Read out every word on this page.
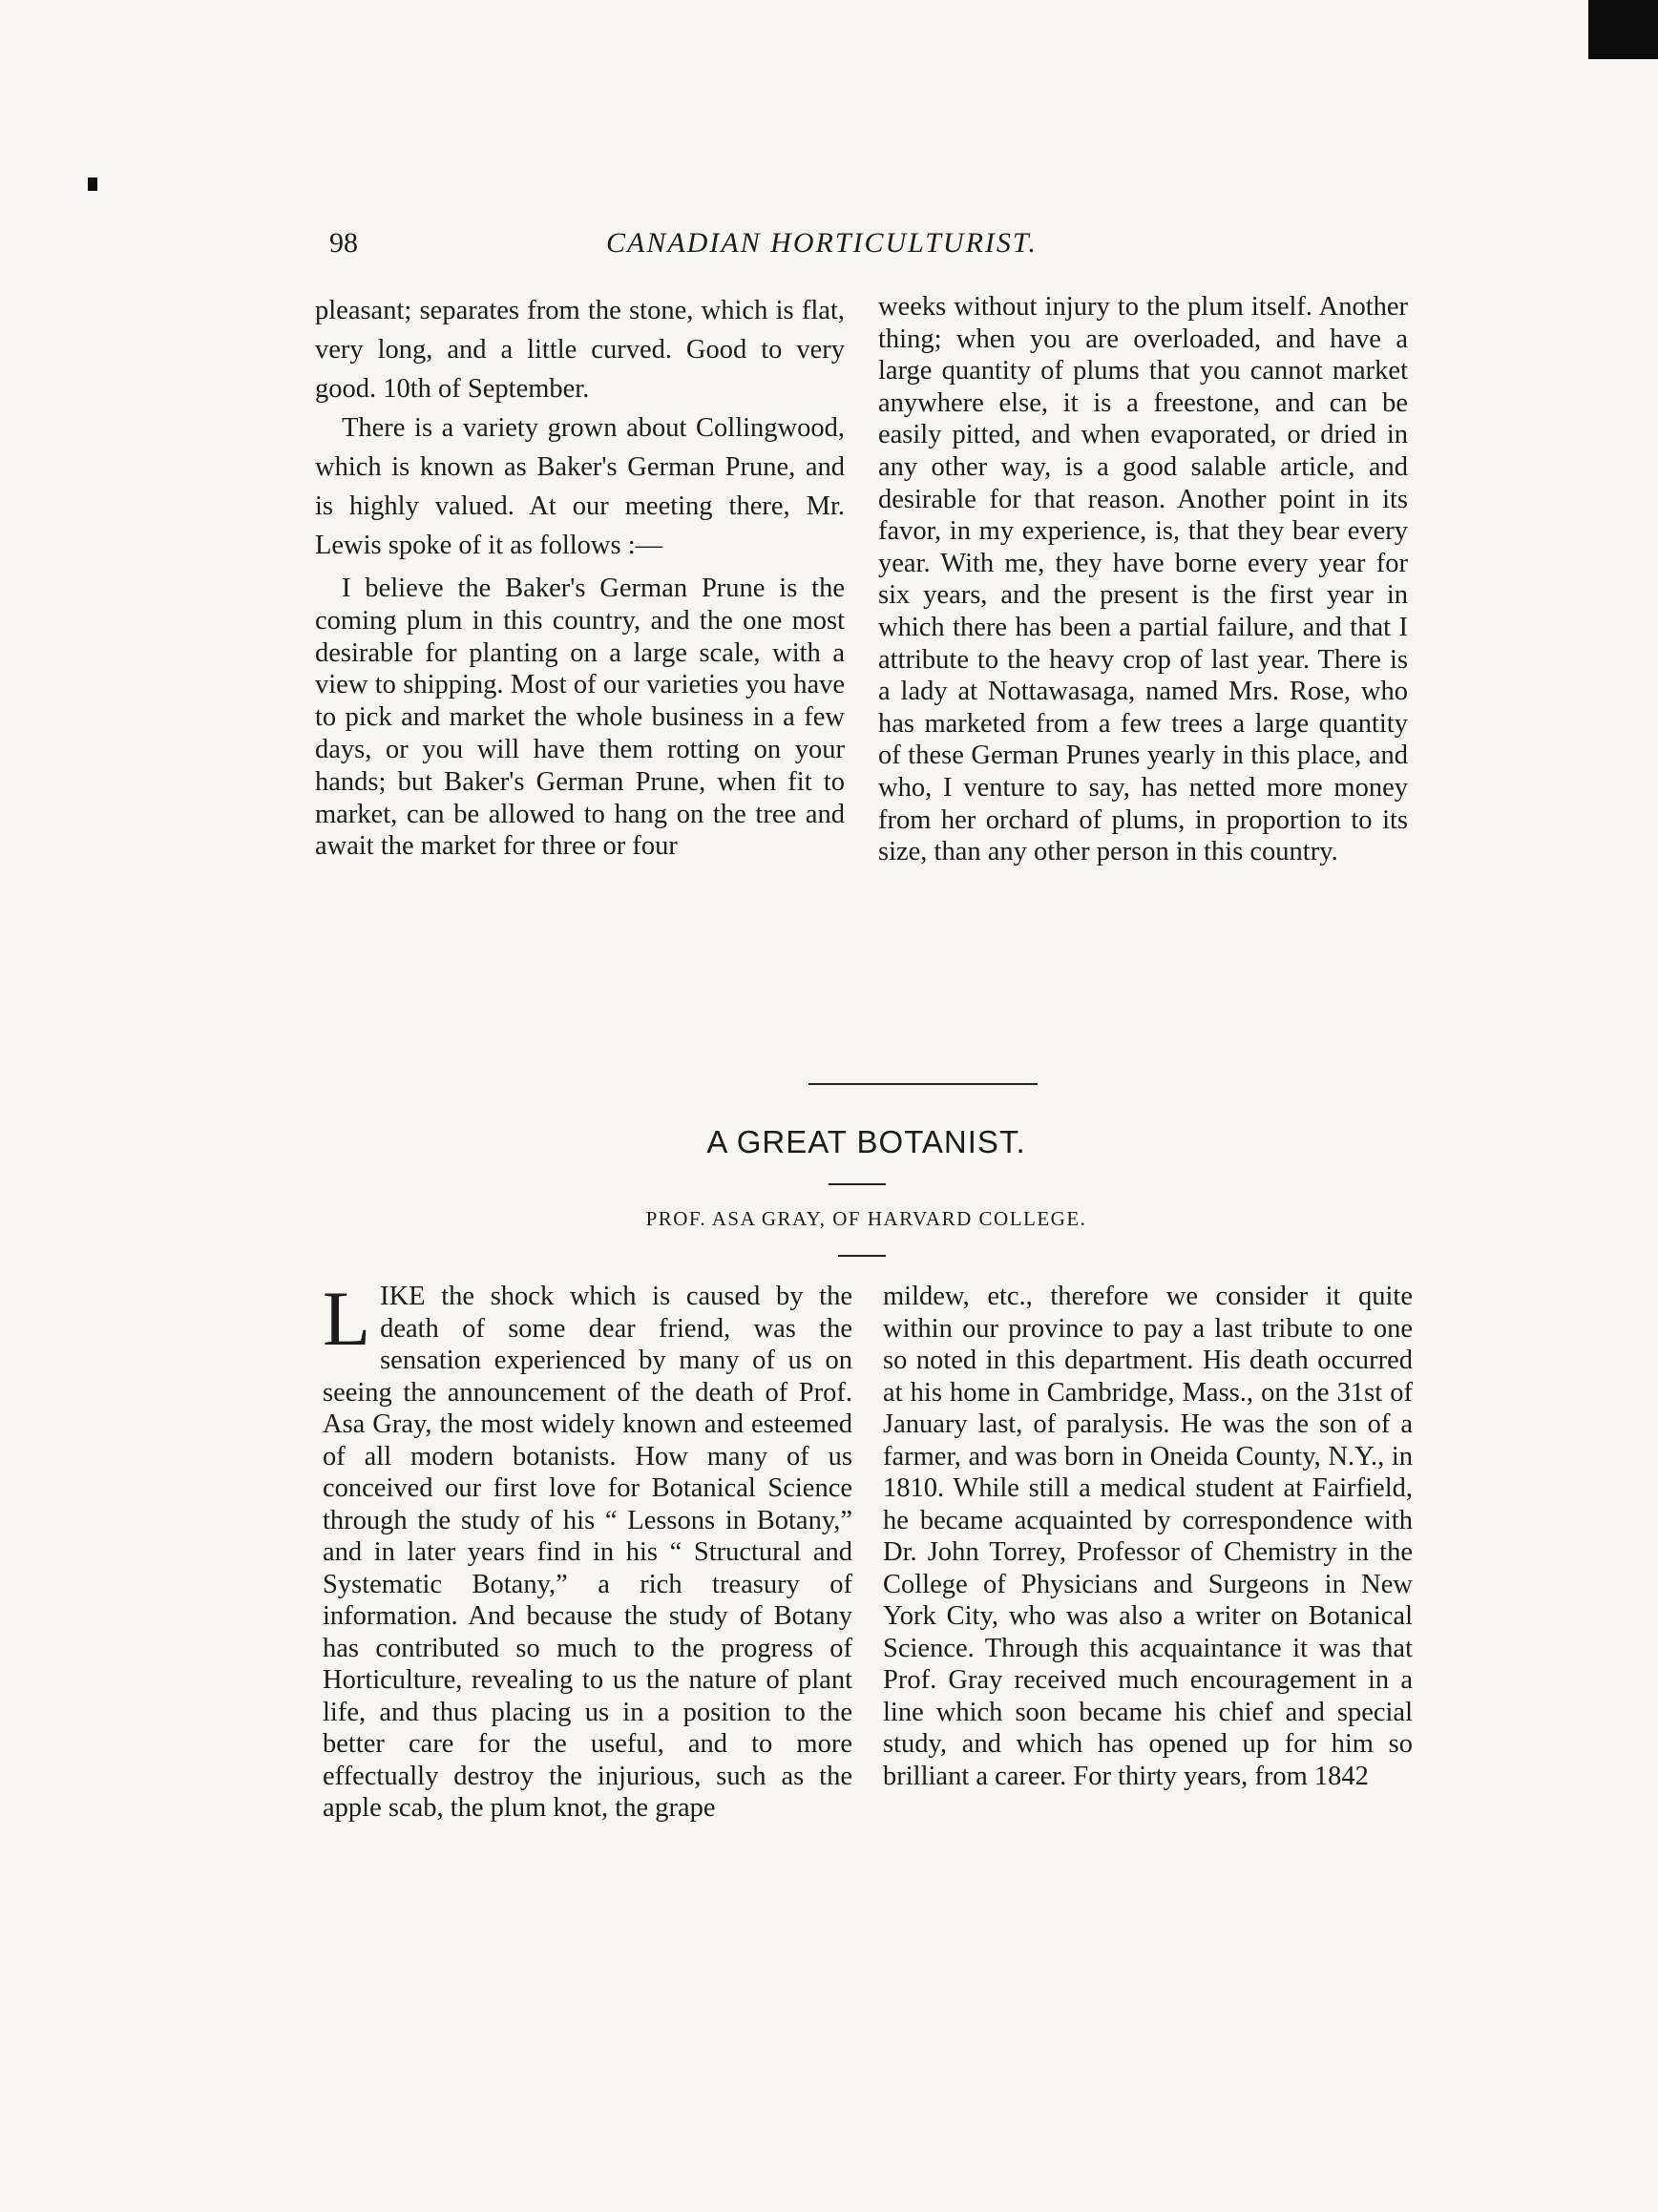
98	CANADIAN HORTICULTURIST.

pleasant; separates from the stone, which is flat, very long, and a little curved. Good to very good. 10th of September.

There is a variety grown about Collingwood, which is known as Baker's German Prune, and is highly valued. At our meeting there, Mr. Lewis spoke of it as follows :—

I believe the Baker's German Prune is the coming plum in this country, and the one most desirable for planting on a large scale, with a view to shipping. Most of our varieties you have to pick and market the whole business in a few days, or you will have them rotting on your hands; but Baker's German Prune, when fit to market, can be allowed to hang on the tree and await the market for three or four

weeks without injury to the plum itself. Another thing; when you are overloaded, and have a large quantity of plums that you cannot market anywhere else, it is a freestone, and can be easily pitted, and when evaporated, or dried in any other way, is a good salable article, and desirable for that reason. Another point in its favor, in my experience, is, that they bear every year. With me, they have borne every year for six years, and the present is the first year in which there has been a partial failure, and that I attribute to the heavy crop of last year. There is a lady at Nottawasaga, named Mrs. Rose, who has marketed from a few trees a large quantity of these German Prunes yearly in this place, and who, I venture to say, has netted more money from her orchard of plums, in proportion to its size, than any other person in this country.

A GREAT BOTANIST.
PROF. ASA GRAY, OF HARVARD COLLEGE.

LIKE the shock which is caused by the death of some dear friend, was the sensation experienced by many of us on seeing the announcement of the death of Prof. Asa Gray, the most widely known and esteemed of all modern botanists. How many of us conceived our first love for Botanical Science through the study of his “ Lessons in Botany,” and in later years find in his “ Structural and Systematic Botany,” a rich treasury of information. And because the study of Botany has contributed so much to the progress of Horticulture, revealing to us the nature of plant life, and thus placing us in a position to the better care for the useful, and to more effectually destroy the injurious, such as the apple scab, the plum knot, the grape

mildew, etc., therefore we consider it quite within our province to pay a last tribute to one so noted in this department. His death occurred at his home in Cambridge, Mass., on the 31st of January last, of paralysis. He was the son of a farmer, and was born in Oneida County, N.Y., in 1810. While still a medical student at Fairfield, he became acquainted by correspondence with Dr. John Torrey, Professor of Chemistry in the College of Physicians and Surgeons in New York City, who was also a writer on Botanical Science. Through this acquaintance it was that Prof. Gray received much encouragement in a line which soon became his chief and special study, and which has opened up for him so brilliant a career. For thirty years, from 1842
